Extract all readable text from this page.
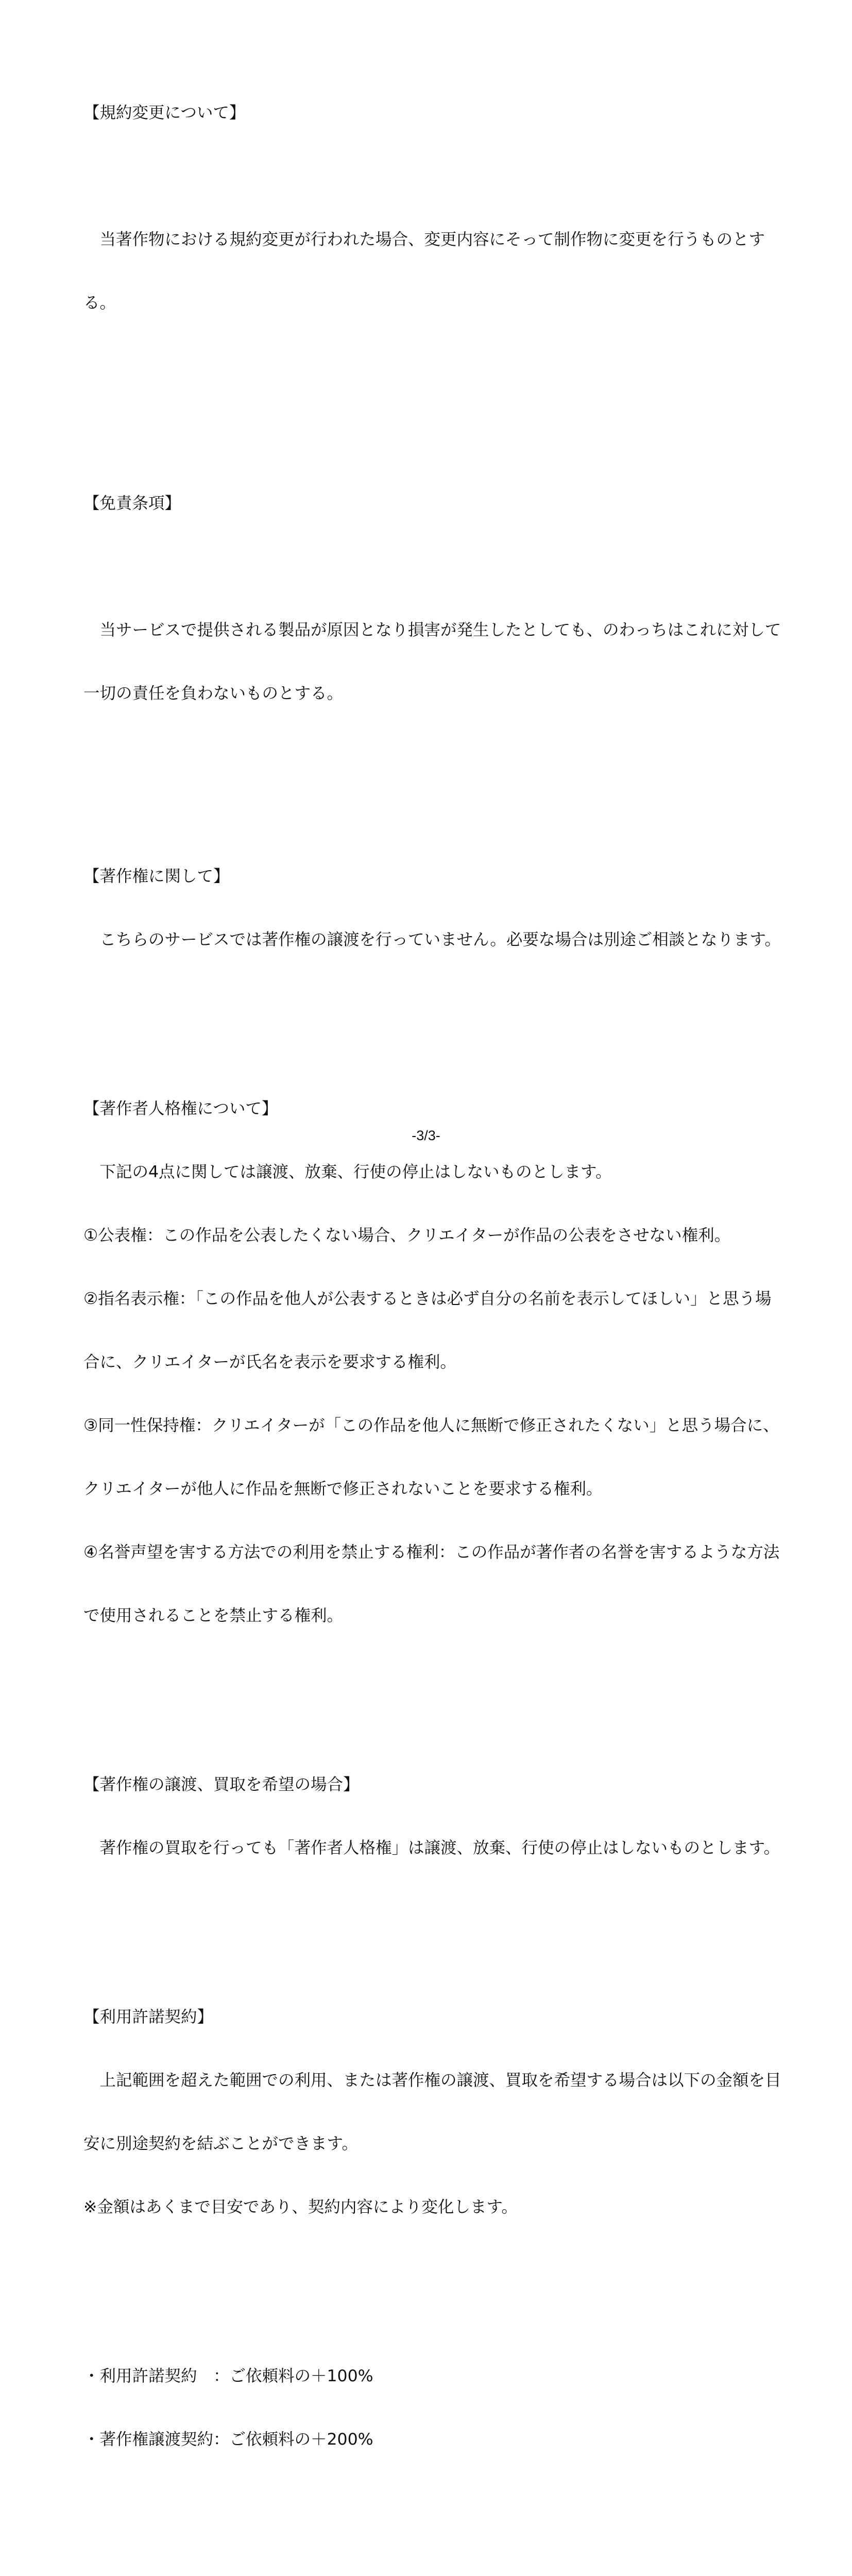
【規約変更について】

　当著作物における規約変更が行われた場合、変更内容にそって制作物に変更を行うものとす

る。

【免責条項】

　当サービスで提供される製品が原因となり損害が発生したとしても、のわっちはこれに対して

一切の責任を負わないものとする。

【著作権に関して】

　こちらのサービスでは著作権の譲渡を行っていません。必要な場合は別途ご相談となります。

【著作者人格権について】

　下記の4点に関しては譲渡、放棄、行使の停止はしないものとします。

①公表権：この作品を公表したくない場合、クリエイターが作品の公表をさせない権利。

②指名表示権：「この作品を他人が公表するときは必ず自分の名前を表示してほしい」と思う場

合に、クリエイターが氏名を表示を要求する権利。

③同一性保持権：クリエイターが「この作品を他人に無断で修正されたくない」と思う場合に、

クリエイターが他人に作品を無断で修正されないことを要求する権利。

④名誉声望を害する方法での利用を禁止する権利：この作品が著作者の名誉を害するような方法

で使用されることを禁止する権利。

【著作権の譲渡、買取を希望の場合】

　著作権の買取を行っても「著作者人格権」は譲渡、放棄、行使の停止はしないものとします。

【利用許諾契約】

　上記範囲を超えた範囲での利用、または著作権の譲渡、買取を希望する場合は以下の金額を目

安に別途契約を結ぶことができます。

※金額はあくまで目安であり、契約内容により変化します。

・利用許諾契約　：ご依頼料の＋100%

・著作権譲渡契約：ご依頼料の＋200%

-3/3-
